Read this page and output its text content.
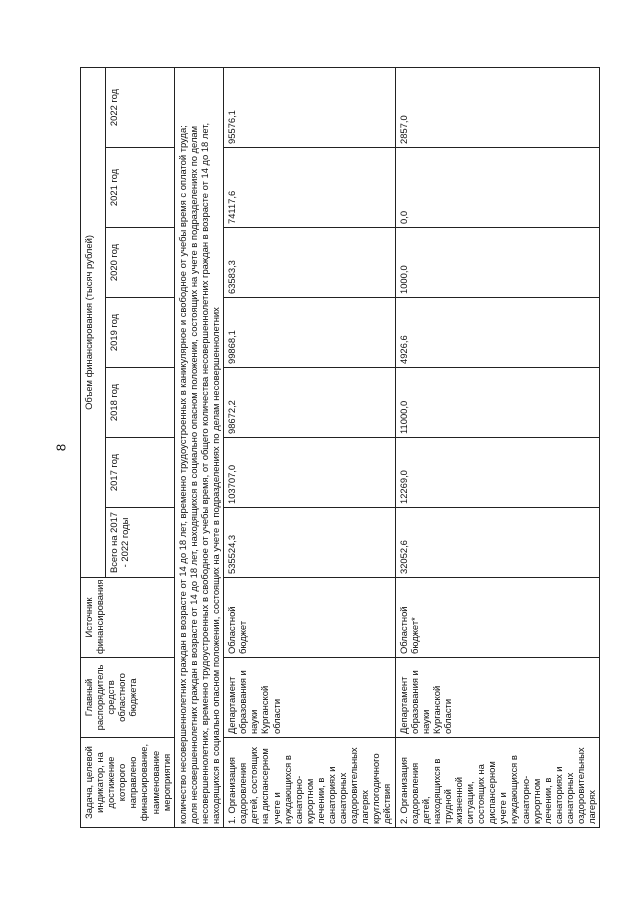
8
Задача, целевой индикатор, на достижение которого направлено финансирование, наименование мероприятия	Главный распорядитель средств областного бюджета	Источник финансирования	Объем финансирования (тысяч рублей)						
			Всего на 2017 - 2022 годы	2017 год	2018 год	2019 год	2020 год	2021 год	2022 год

количество несовершеннолетних граждан в возрасте от 14 до 18 лет, временно трудоустроенных в каникулярное и свободное от учебы время с оплатой труда; доля несовершеннолетних граждан в возрасте от 14 до 18 лет, находящихся в социально опасном положении, состоящих на учете в подразделениях по делам несовершеннолетних, временно трудоустроенных в свободное от учебы время, от общего количества несовершеннолетних граждан в возрасте от 14 до 18 лет, находящихся в социально опасном положении, состоящих на учете в подразделениях по делам несовершеннолетних									

1. Организация оздоровления детей, состоящих на диспансерном учете и нуждающихся в санаторно-курортном лечении, в санаториях и санаторных оздоровительных лагерях круглогодичного действия	Департамент образования и науки Курганской области	Областной бюджет	535524,3	103707,0	98672,2	99868,1	63583,3	74117,6	95576,1
2. Организация оздоровления детей, находящихся в трудной жизненной ситуации, состоящих на диспансерном учете и нуждающихся в санаторно-курортном лечении, в санаториях и санаторных оздоровительных лагерях	Департамент образования и науки Курганской области	Областной бюджет*	32052,6	12269,0	11000,0	4926,6	1000,0	0,0	2857,0
